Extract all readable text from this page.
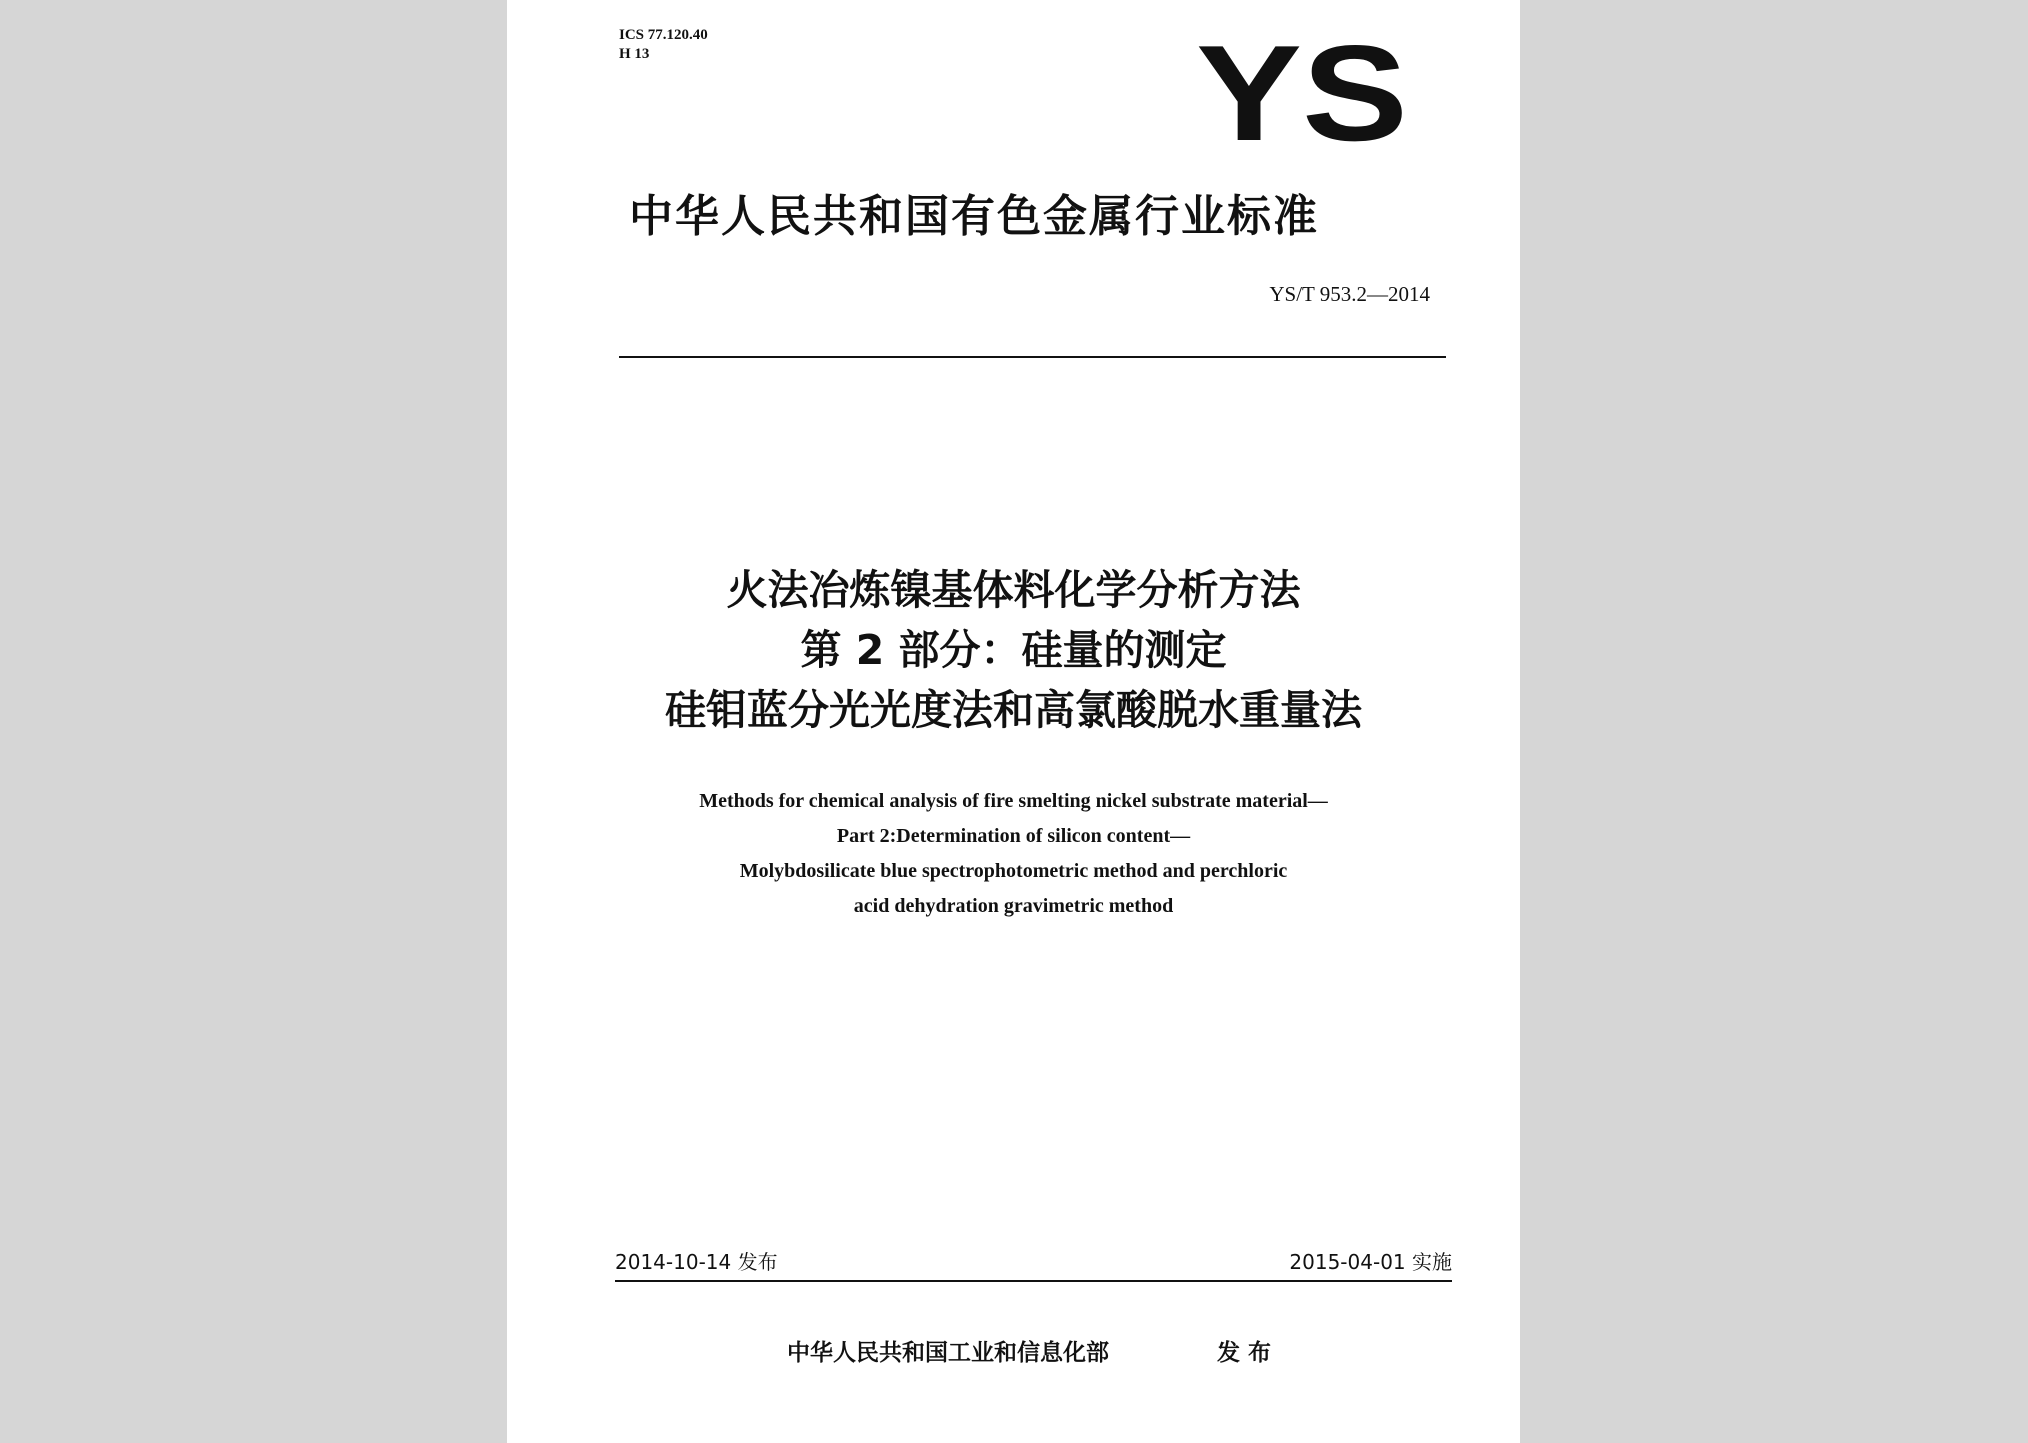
ICS 77.120.40
H 13	YS
中华人民共和国有色金属行业标准
YS/T 953.2—2014
火法冶炼镍基体料化学分析方法
第 2 部分：硅量的测定
硅钼蓝分光光度法和高氯酸脱水重量法
Methods for chemical analysis of fire smelting nickel substrate material—
Part 2:Determination of silicon content—
Molybdosilicate blue spectrophotometric method and perchloric
acid dehydration gravimetric method
2014-10-14 发布	2015-04-01 实施
中华人民共和国工业和信息化部	发布
